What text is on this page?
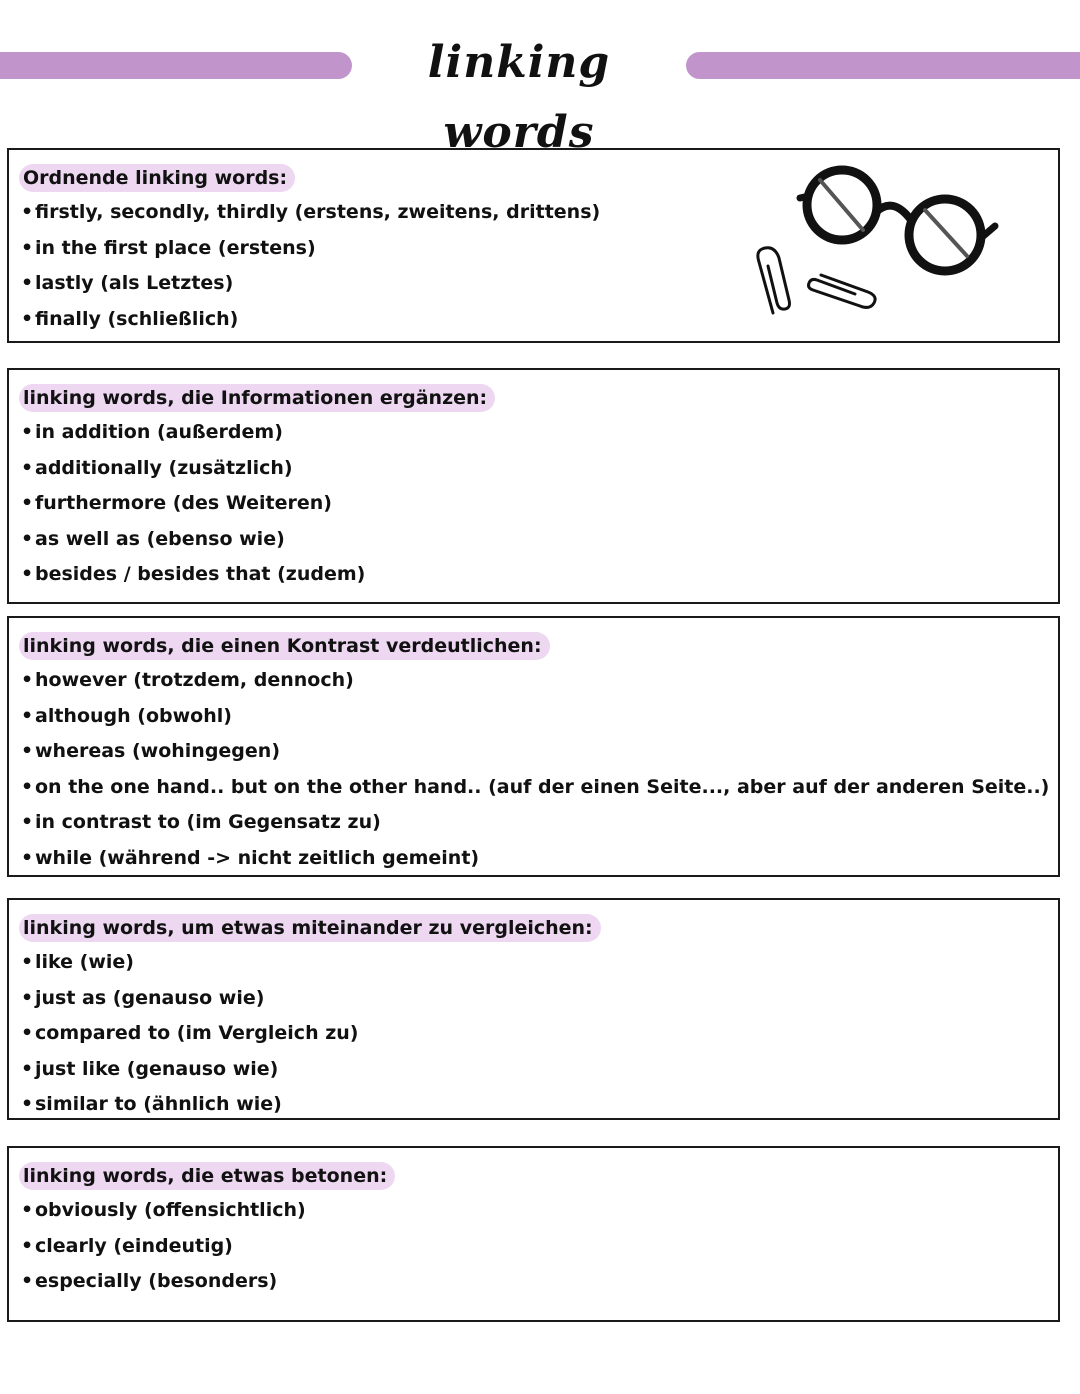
linking words
Ordnende linking words:
• firstly, secondly, thirdly (erstens, zweitens, drittens)
• in the first place (erstens)
• lastly (als Letztes)
• finally (schließlich)
linking words, die Informationen ergänzen:
• in addition (außerdem)
• additionally (zusätzlich)
• furthermore (des Weiteren)
• as well as (ebenso wie)
• besides / besides that (zudem)
linking words, die einen Kontrast verdeutlichen:
• however (trotzdem, dennoch)
• although (obwohl)
• whereas (wohingegen)
• on the one hand.. but on the other hand.. (auf der einen Seite..., aber auf der anderen Seite..)
• in contrast to (im Gegensatz zu)
• while (während -> nicht zeitlich gemeint)
linking words, um etwas miteinander zu vergleichen:
• like (wie)
• just as (genauso wie)
• compared to (im Vergleich zu)
• just like (genauso wie)
• similar to (ähnlich wie)
linking words, die etwas betonen:
• obviously (offensichtlich)
• clearly (eindeutig)
• especially (besonders)
